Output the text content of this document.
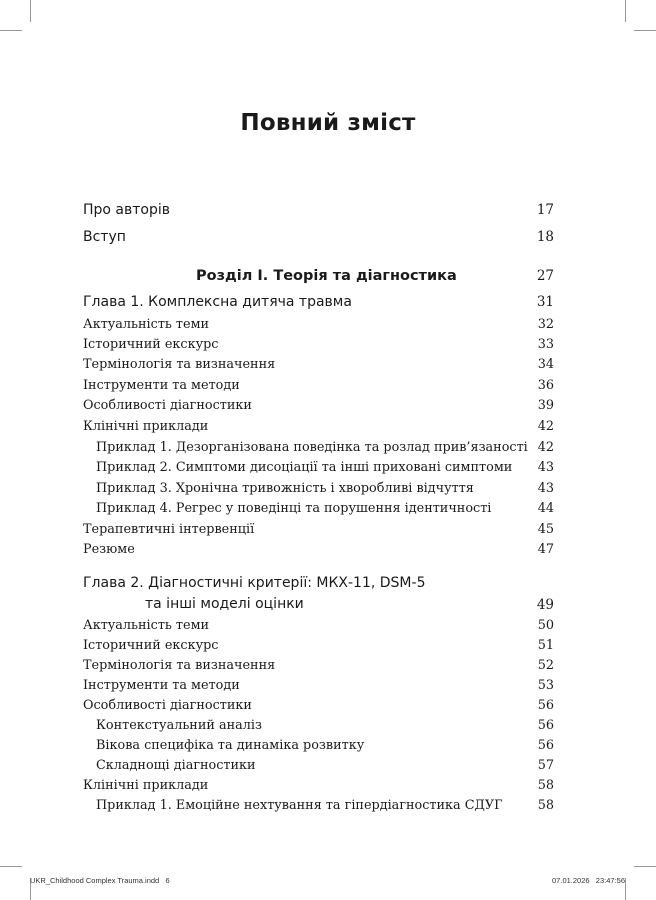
Повний зміст
Про авторів	17
Вступ	18
Розділ I. Теорія та діагностика	27
Глава 1. Комплексна дитяча травма	31
Актуальність теми	32
Історичний екскурс	33
Термінологія та визначення	34
Інструменти та методи	36
Особливості діагностики	39
Клінічні приклади	42
Приклад 1. Дезорганізована поведінка та розлад прив’язаності 42
Приклад 2. Симптоми дисоціації та інші приховані симптоми 43
Приклад 3. Хронічна тривожність і хворобливі відчуття	43
Приклад 4. Регрес у поведінці та порушення ідентичності	44
Терапевтичні інтервенції	45
Резюме	47
Глава 2. Діагностичні критерії: МКХ-11, DSM-5
та інші моделі оцінки	49
Актуальність теми	50
Історичний екскурс	51
Термінологія та визначення	52
Інструменти та методи	53
Особливості діагностики	56
Контекстуальний аналіз	56
Вікова специфіка та динаміка розвитку	56
Складнощі діагностики	57
Клінічні приклади	58
Приклад 1. Емоційне нехтування та гіпердіагностика СДУГ	58
UKR_Childhood Complex Trauma.indd   6	07.01.2026   23:47:56
